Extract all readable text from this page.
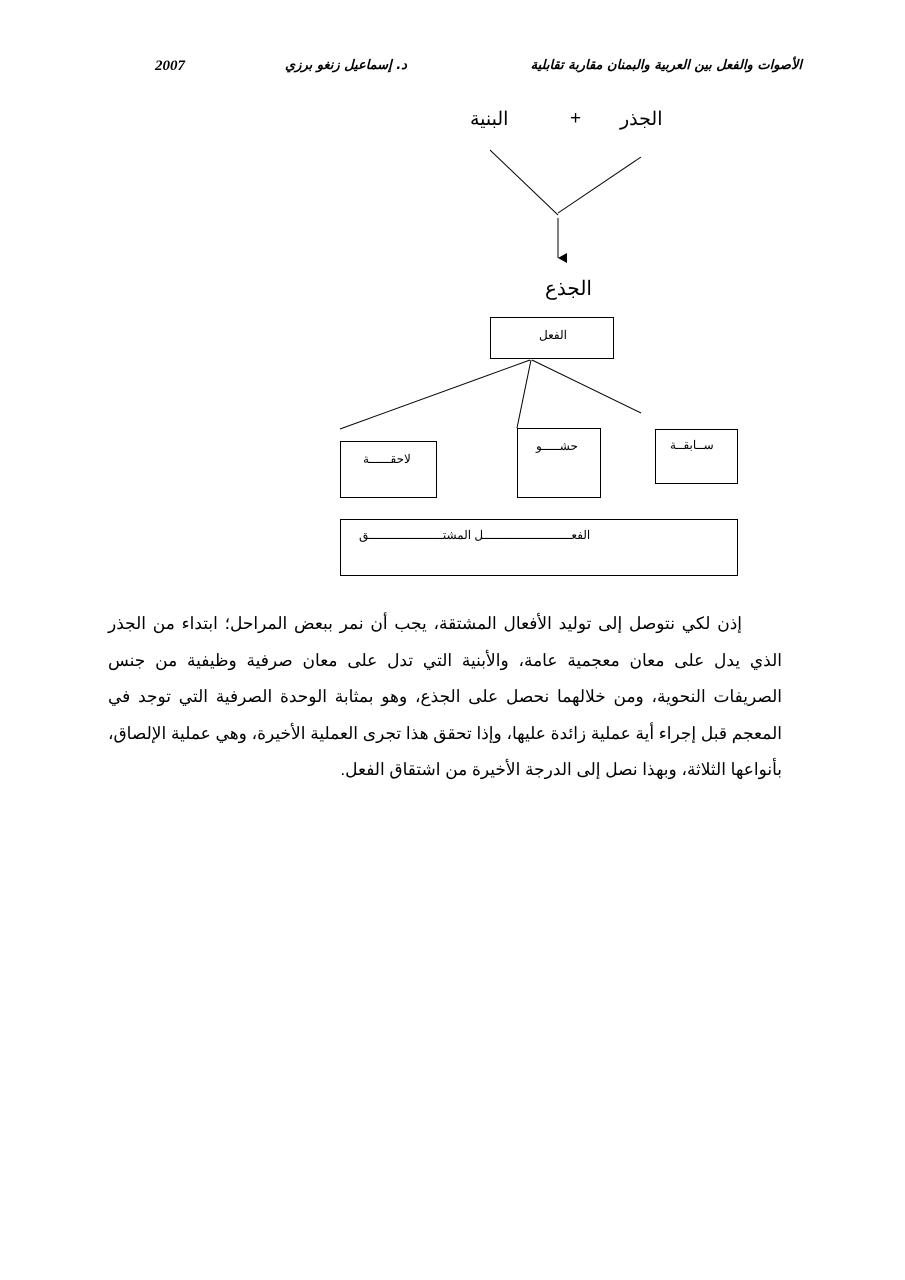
الأصوات والفعل بين العربية والبمنان مقاربة تقابلية
د. إسماعيل زنغو برزي
2007
الجذر
+
البنية
الجذع
الفعل
ســابقــة
حشـــــو
لاحقــــــة
الفعـــــــــــــــــــــــــل المشتـــــــــــــــــــــق

إذن لكي نتوصل إلى توليد الأفعال المشتقة، يجب أن نمر ببعض المراحل؛ ابتداء من الجذر الذي يدل على معان معجمية عامة، والأبنية التي تدل على معان صرفية وظيفية من جنس الصريفات النحوية، ومن خلالهما نحصل على الجذع، وهو بمثابة الوحدة الصرفية التي توجد في المعجم قبل إجراء أية عملية زائدة عليها، وإذا تحقق هذا تجرى العملية الأخيرة، وهي عملية الإلصاق، بأنواعها الثلاثة، وبهذا نصل إلى الدرجة الأخيرة من اشتقاق الفعل.
